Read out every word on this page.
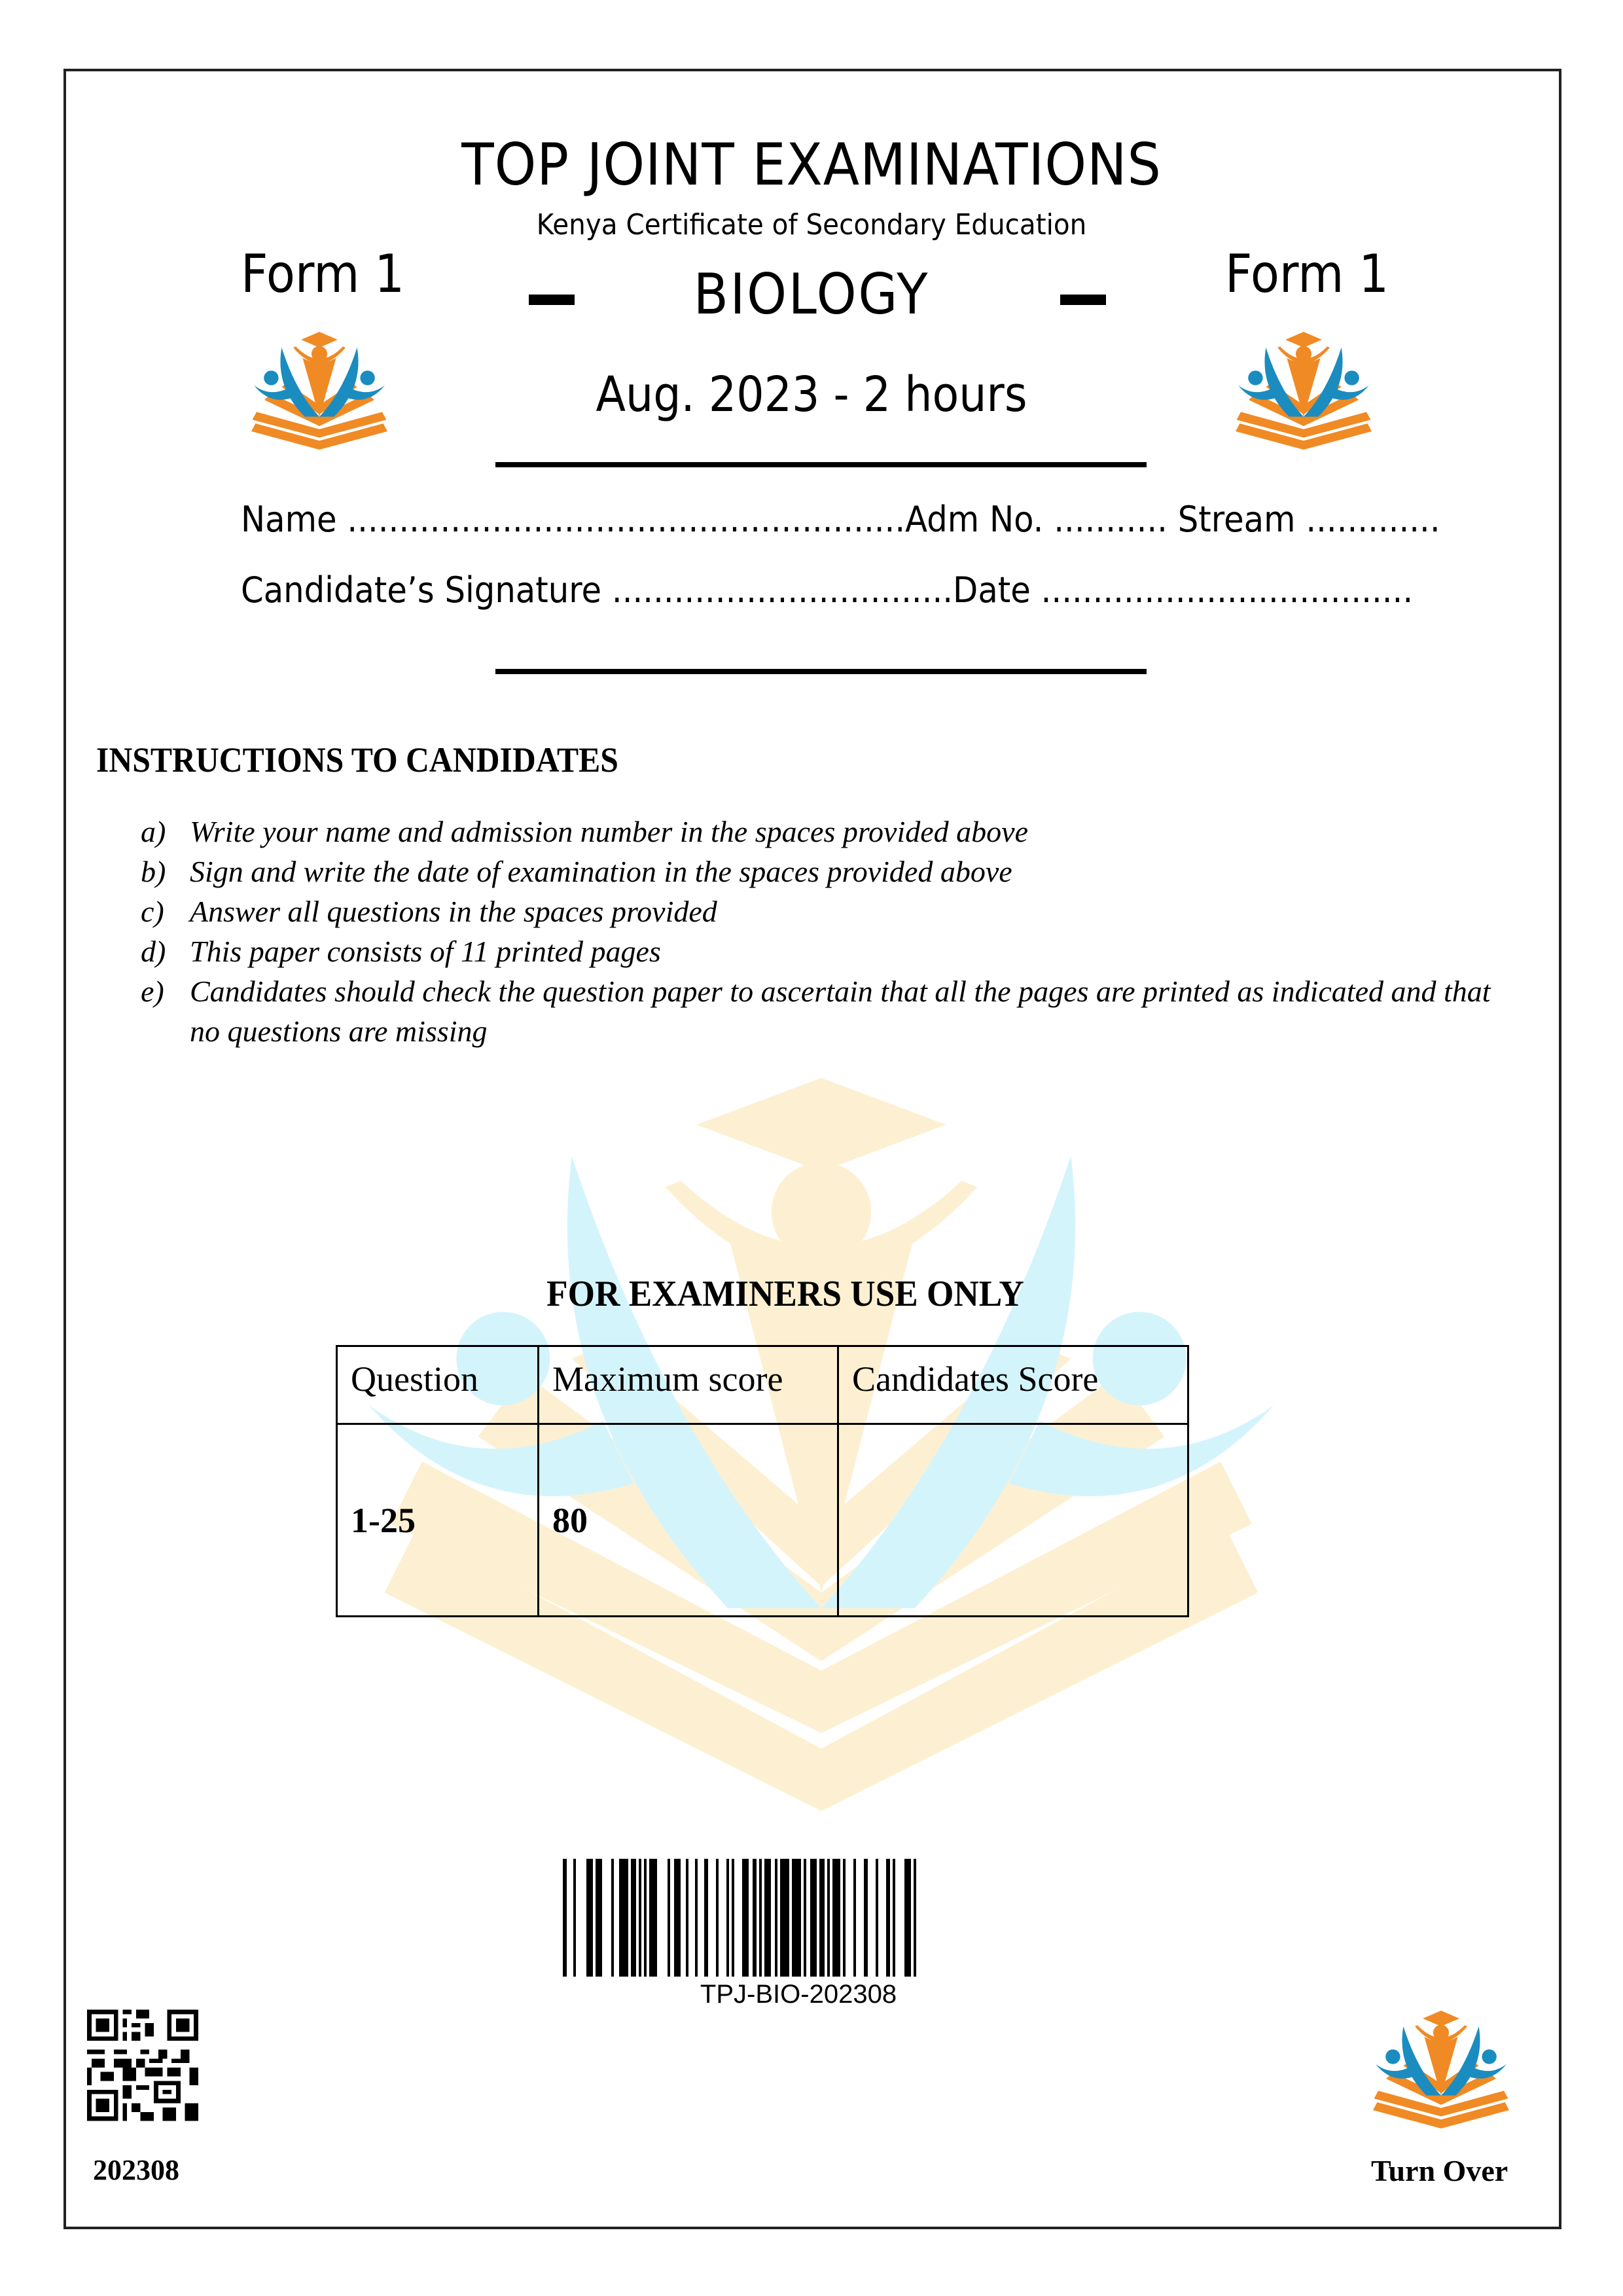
TOP JOINT EXAMINATIONS
Kenya Certificate of Secondary Education
Form 1	Form 1
BIOLOGY
Aug. 2023 - 2 hours
Name ...................................................... Adm No. ........... Stream .............
Candidate’s Signature ................................. Date ....................................
INSTRUCTIONS TO CANDIDATES
a) Write your name and admission number in the spaces provided above
b) Sign and write the date of examination in the spaces provided above
c) Answer all questions in the spaces provided
d) This paper consists of 11 printed pages
e) Candidates should check the question paper to ascertain that all the pages are printed as indicated and that no questions are missing
FOR EXAMINERS USE ONLY
Question	Maximum score	Candidates Score
1-25	80	
TPJ-BIO-202308
202308	Turn Over
